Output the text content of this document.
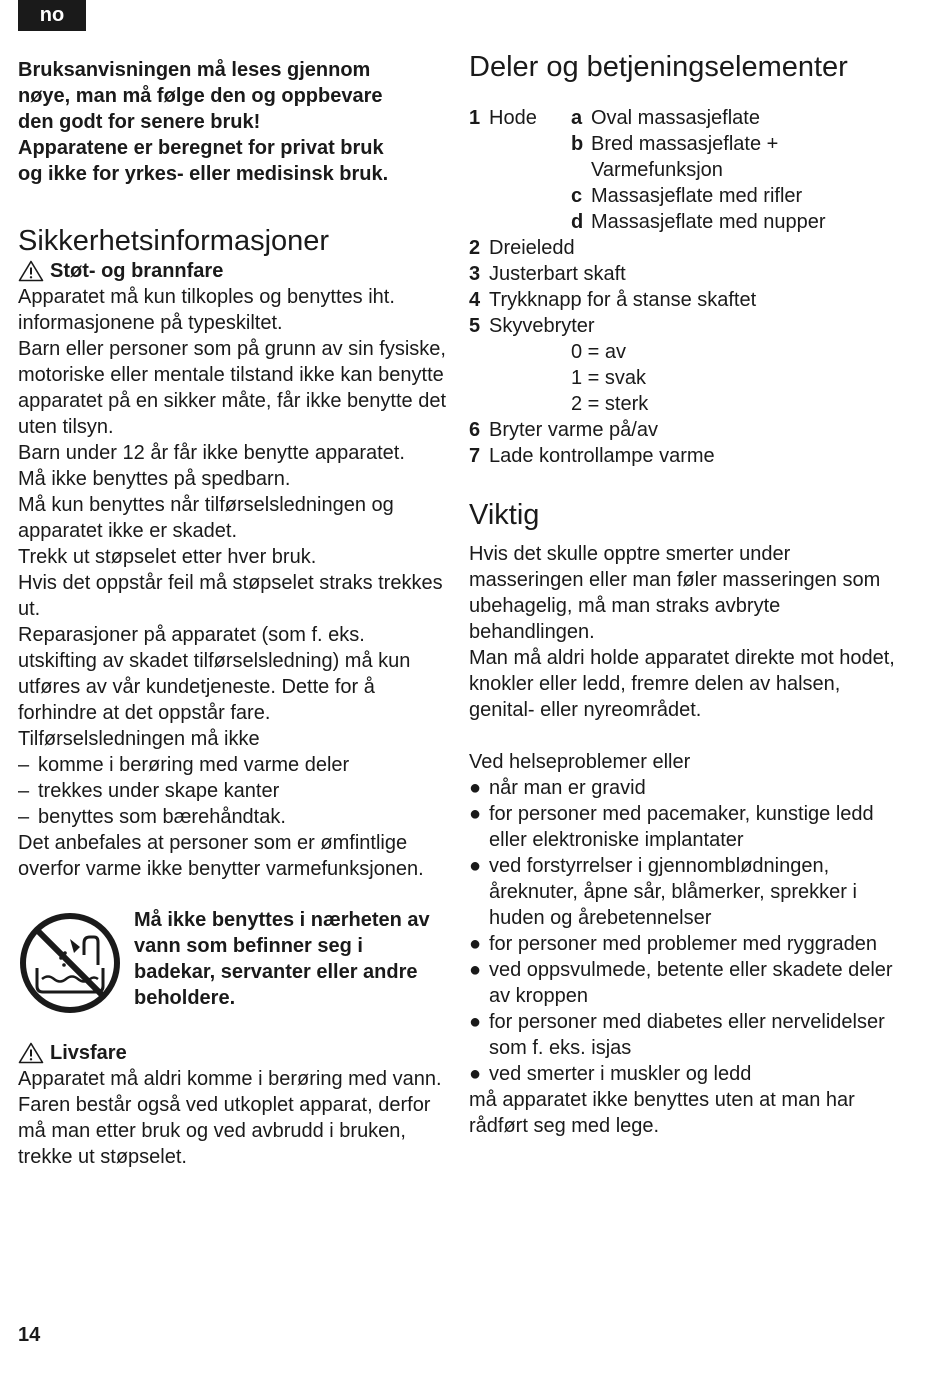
no

Bruksanvisningen må leses gjennom

nøye, man må følge den og oppbevare

den godt for senere bruk!

Apparatene er beregnet for privat bruk

og ikke for yrkes- eller medisinsk bruk.

Sikkerhetsinformasjoner
Støt- og brannfare

Apparatet må kun tilkoples og benyttes iht. informasjonene på typeskiltet.

Barn eller personer som på grunn av sin fysiske, motoriske eller mentale tilstand ikke kan benytte apparatet på en sikker måte, får ikke benytte det uten tilsyn.

Barn under 12 år får ikke benytte apparatet.

Må ikke benyttes på spedbarn.

Må kun benyttes når tilførselsledningen og apparatet ikke er skadet.

Trekk ut støpselet etter hver bruk.

Hvis det oppstår feil må støpselet straks trekkes ut.

Reparasjoner på apparatet (som f. eks. utskifting av skadet tilførselsledning) må kun utføres av vår kundetjeneste. Dette for å forhindre at det oppstår fare.

Tilførselsledningen må ikke

– komme i berøring med varme deler
– trekkes under skape kanter
– benyttes som bærehåndtak.

Det anbefales at personer som er ømfintlige overfor varme ikke benytter varmefunksjonen.

Må ikke benyttes i nærheten av vann som befinner seg i badekar, servanter eller andre beholdere.
Livsfare

Apparatet må aldri komme i berøring med vann. Faren består også ved utkoplet apparat, derfor må man etter bruk og ved avbrudd i bruken, trekke ut støpselet.

Deler og betjeningselementer
1 Hode	a Oval massasjeflate
b Bred massasjeflate + Varmefunksjon
c Massasjeflate med rifler
d Massasjeflate med nupper
2 Dreieledd
3 Justerbart skaft
4 Trykknapp for å stanse skaftet
5 Skyvebryter
0 = av
1 = svak
2 = sterk
6 Bryter varme på/av
7 Lade kontrollampe varme
Viktig

Hvis det skulle opptre smerter under masseringen eller man føler masseringen som ubehagelig, må man straks avbryte behandlingen.

Man må aldri holde apparatet direkte mot hodet, knokler eller ledd, fremre delen av halsen, genital- eller nyreområdet.

Ved helseproblemer eller

● når man er gravid
● for personer med pacemaker, kunstige ledd eller elektroniske implantater
● ved forstyrrelser i gjennomblødningen, åreknuter, åpne sår, blåmerker, sprekker i huden og årebetennelser
● for personer med problemer med ryggraden
● ved oppsvulmede, betente eller skadete deler av kroppen
● for personer med diabetes eller nervelidelser som f. eks. isjas
● ved smerter i muskler og ledd

må apparatet ikke benyttes uten at man har rådført seg med lege.

14
